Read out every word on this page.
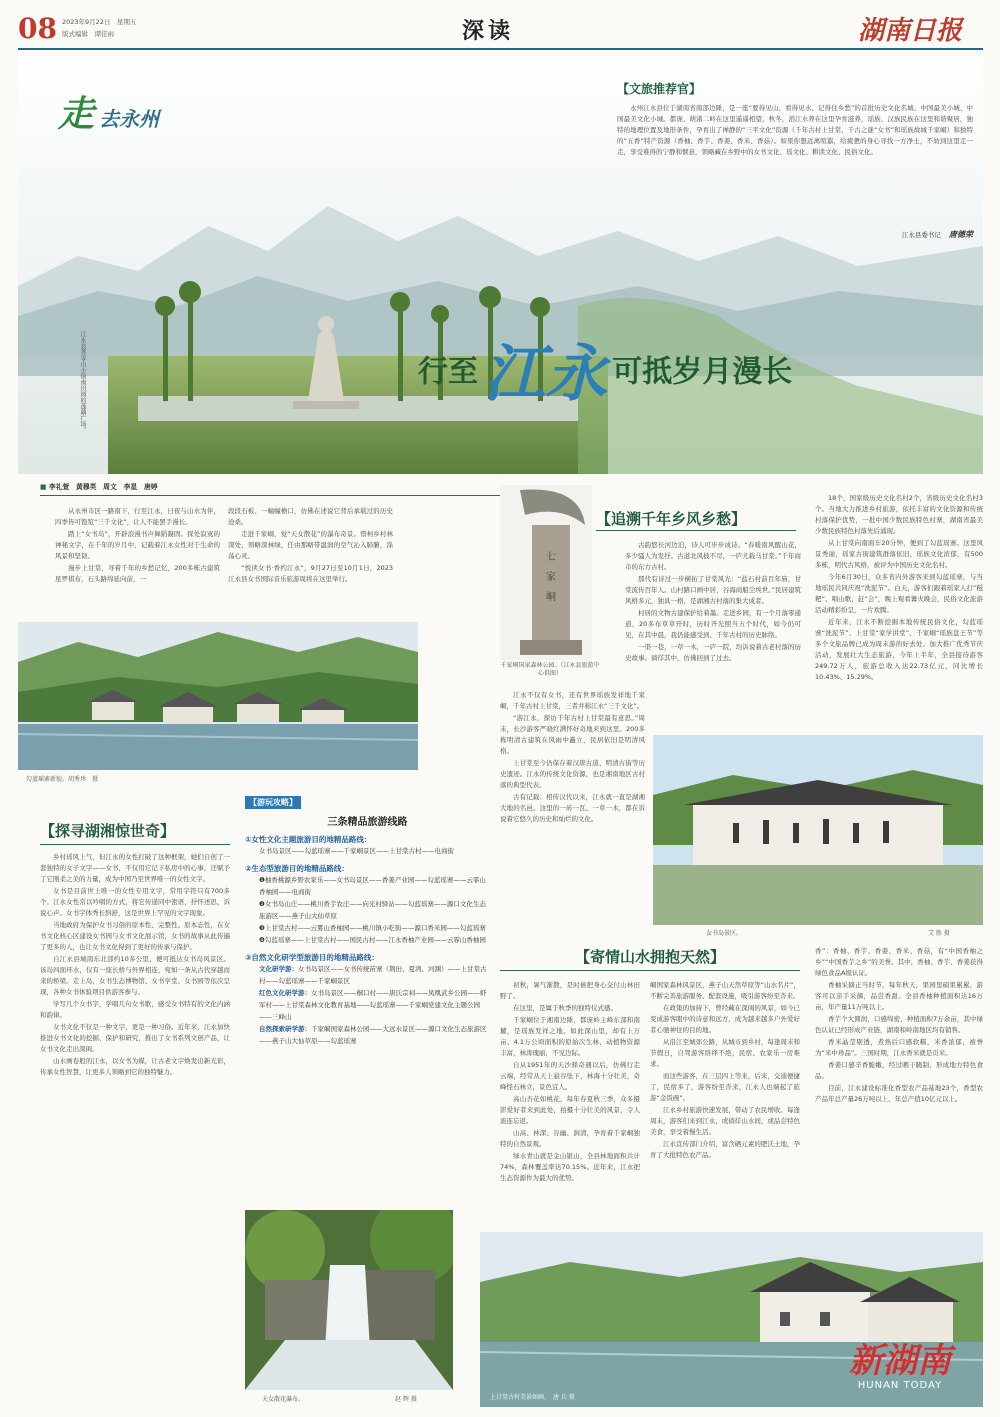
08 2023年9月22日　星期五
版式编辑　谭佳雨	深读	湖南日报
走 去永州
江永县香零山小镇南田园的莲藕广场。	行至 江永 可抵岁月漫长
【文旅推荐官】
永州江永县位于湖南省南部边陲，是一座“要得见山、看得见水、记得住乡愁”的首批历史文化名城、中国最美小城、中国最美文化小城。都庞、萌渚二岭在这里遥遥相望，秋冬，滔江水养在这里孕育滋养，瑶族、汉族民族在这里和谐聚居，独特的地理位置及地形条件，孕育出了禅静的“三平文化”资源（千年古村上甘棠、千古之谜“女书”和瑶族故城千家峒）和独特的“五香”特产资源（香柚、香芋、香姜、香米、香菇）。如果你想远离喧嚣，给疲惫的身心寻找一方净土，不妨到这里走一走，享受难得的宁静和惬意，领略藏在乡野中的女书文化、瑶文化、耕读文化、民俗文化。
江永县委书记 唐德荣
■ 李礼萱　黄穆英　周文　李星　唐婷

从永州市区一路南下，行至江永，日夜与山水为伴，四季皆可饱览“三千文化”，让人不能罢手漫长。

踏上“女书岛”，开辟浪漫书声舞蹈凝固。探处寂寞的神秘文字，在千年的岁月中，记载着江永女性对于生命的风景和坚韧。

漫步上甘棠，寻着千年的乡愁记忆，200多栋古建筑星罗棋布，石头路绵延向前，一

段段石板、一幢幢檐口，仿佛在述说它背后承载过的历史沧桑。

走进千家峒，觉“天女散花”的瀑布奇景。惜柯乡村林深处，领略深林绿，任由那略带温润的空气沁入肺腑，涤荡心灵。

“悦读女书·香约江永”，9月27日至10月1日，2023江永县女书国际音乐旅游周将在这里举行。

勾蓝瑶寨新貌。胡秀珍　摄
【探寻湖湘惊世奇】

乡村瑶风上气，但江永的女性打破了这种框架，她们自创了一套独特的女子文字——女书，不仅用它记下私房中的心事，还赋予了它刚柔之美的力量，成为中国乃至世界唯一的女性文字。

女书是目前世上唯一的女性专用文字，常用字符只有700多个。江永女性常以吟唱的方式，将它传递同中密语，抒怀述思，诉说心声。女书字体秀长斜舒，这是世界上罕见的文字现象。

当地政府为保护女书习俗的原本性、完整性、原本态性，在女书文化核心区建设女书园与女书文化展示馆，女书的故事从此传遍了更多的人，也让女书文化得到了更好的传承与保护。

自江永县城南东北部约10多公里，便可抵达女书岛风景区。该岛四面环水，仅有一座长桥与外界相连，宛如一条从古代穿越而来的桥梁。走上岛，女书生态博物馆、女书学堂、女书园等依次呈现，各种女书体验项目供游客参与。

学写几个女书字，学唱几句女书歌，感受女书特有的文化内涵和韵律。

女书文化不仅是一种文字，更是一种习俗。近年来，江永加快推进女书文化的挖掘、保护和研究，推出了女书系列文创产品，让女书文化走出深闺。

山水画卷般的江永，以女书为媒，让古老文字焕发出新光彩，传承女性智慧，让更多人领略到它的独特魅力。

【游玩攻略】
三条精品旅游线路
①女性文化主题旅游目的地精品路线：
女书岛景区——勾蓝瑶寨——千家峒景区——上甘棠古村——电商街
②生态型旅游目的地精品路线：
❶柚香桃源乡野农家乐——女书岛景区——香姜产业园——勾蓝瑶寨——云霏山香柚园——电商街
❷女书岛山庄——桃川香芋农庄——向光村驿站——勾蓝瑶寨——源口文化生态旅游区——燕子山大仙草原
❸上甘棠古村——云雾山香柚园——桃川镇小吃街——源口香米园——勾蓝瑶寨
❹勾蓝瑶寨——上甘棠古村——国民古村——江永香柚产业园——云霏山香柚园
③自然文化研学型旅游目的地精品路线：
文化研学游：女书岛景区——女书传统苗寨（荆田、夏湾、河渊）——上甘棠古村——勾蓝瑶寨——千家峒景区
红色文化研学游：女书岛景区——桐口村——唐氏宗祠——凤凰武乡公园——虾军村——上甘棠森林文化教育基地——勾蓝瑶寨——千家峒党建文化主题公园——三峰山
自然探索研学游：千家峒国家森林公园——大远水景区——源口文化生态旅游区——燕子山大仙草原——勾蓝瑶寨
天女散花瀑布。	赵 辉 摄
七
家
峒
千家峒国家森林公园。（江永县旅游中心供图）
【追溯千年乡风乡愁】

古韵悠长河边泊，诗人可步步成诗。“春暖南风醒山花，多少骚人为发抒。古道北风披不尽，一庐尤载马甘棠。”千年商市的东方古村。

那代有诗过一步横拓了甘棠风光：“盐石村前百年庙，甘棠流传百年人。山村路口画中居，谷海商船尘埃世。”民居建筑风格多元，独具一格，是湖湘古村落的集大成者。

村居的文物古建保护给着墨。走进乡园，有一个月落零通道，20多布草草开时，历时齐光照当五个时代，如今仍可见，在其中晨，我仍能感受到、千年古村的历史脉络。

一渠一巷，一草一木，一庐一院，均诉说着古老村落的历史故事。徜徉其中，仿佛回到了过去。

江永不仅有女书，还有世界瑶族发祥地千家峒，千年古村上甘棠，三者并称江永“三千文化”。

“游江永，探访千年古村上甘棠最有意思。”周末，长沙游客严晓红满怀好奇地来到这里。200多栋明清古建筑在风雨中矗立，民居依旧是明清风格。

上甘棠至今仍保存着汉唐古道、明清古街等历史遗迹。江永的传统文化资源，也是湘南地区古村落的典型代表。

古有记载：相传汉代以来，江永就一直是湖湘大地的名邑。这里的一砖一瓦、一草一木，都在诉说着它悠久的历史和灿烂的文化。

18个，国家级历史文化名村2个，省级历史文化名村3个。当地大力推进乡村旅游，依托丰富的文化资源和传统村落保护优势，一批中国少数民族特色村寨，湖南省最美少数民族特色村落先后涌现。

从上甘棠向南面车20分钟，便到了勾蓝瑶寨。这里风景秀丽，瑶家古街建筑群落依旧，瑶族文化浓郁，有500多栋，明代古风格，被评为中国历史文化名村。

今年6月30日，众多省内外游客来到勾蓝瑶寨，与当地瑶民共同庆祝“洗泥节”。白天，游客们跟着瑶家人打“糍粑”、唱山歌、赶“会”，晚上观看篝火晚会，民俗文化旅游活动精彩纷呈，一片欢腾。

近年来，江永不断挖掘本地传统民俗文化，勾蓝瑶寨“洗泥节”、上甘棠“家学讲堂”、千家峒“瑶族盘王节”等多个文旅品牌已成为周末游的好去处。加大推广优秀节庆活动，发展壮大生态旅游，今年上半年，全县接待游客249.72万人，旅游总收入达22.73亿元，同比增长10.43%、15.29%。

女书岛景区。	艾 胜 摄
【寄情山水拥抱天然】

初秋，暑气渐散，是时候把身心交付山林田野了。

在这里，是属于秋季的独特仪式感。

千家峒位于湘南边陲，都庞岭主峰东部和南麓，是瑶族发祥之地。如此深山里，却有上万亩、4.1万公顷面积的原始次生林，动植物资源丰富，林涛瑰丽，不见边际。

自从1951年的天沙驿奇遇以后，仿佛行走云端，经常从天上悬谷坠下，林海十分壮美，奇峰怪石林立，景色宜人。

高山杏花如桃花，每年春夏秋三季，众多摄影爱好者来到此处，拍摄十分壮美的风景，令人流连忘返。

山高、林深、谷幽、涧清，孕育着千家峒独特的自然景观。

绿水青山就是金山银山，全县林地面积共计74%，森林覆盖率达70.15%。近年来，江永把生态资源作为最大的优势。

峒国家森林风景区，燕子山天然草原等“山水名片”，不断完善旅游服务、配套设施，吸引游客纷至沓来。

在政策的加持下，曾经藏在深闺的风景，如今已变成游客眼中的诗意和远方，成为越来越多户外爱好者心驰神往的目的地。

从沿江至城郊公路，从城市到乡村，每逢周末和节假日，自驾游客络绎不绝，民宿、农家乐一房难求。

而这些游客，在三层四上等来，后来，交通便捷了，民宿多了，游客纷至沓来，江永人也端起了旅游“金饭碗”。

江永乡村旅游快速发展，带动了农民增收。每逢周末，游客们来到江永，或徜徉山水间，或品尝特色美食，享受着慢生活。

江永宣传部门介绍，富含硒元素的肥沃土地，孕育了大批特色农产品。

香”：香柚、香芋、香姜、香米、香菇，有“中国香柚之乡”“中国香芋之乡”的美誉。其中，香柚、香芋、香姜获得绿色食品A级认证。

香柚采摘正当时节，每年秋天，果园里硕果累累，游客可以亲手采摘，品尝香甜。全县香柚种植面积达16万亩，年产量11万吨以上。

香芋个大圆润，口感绵密，种植面积7万余亩，其中绿色认证已经形成产业链，湖南和岭南地区均有销售。

香米晶莹剔透，煮熟后口感软糯，米香浓郁，被誉为“米中珍品”。三国时期，江永香米就是贡米。

香姜口感辛香脆嫩，经过晒干腌制，形成地方特色食品。

目前，江永建设标准化香型农产品基地23个，香型农产品年总产量26万吨以上，年总产值10亿元以上。

上甘棠古村美景如画。　唐 兵 摄
新湖南
HUNAN TODAY
